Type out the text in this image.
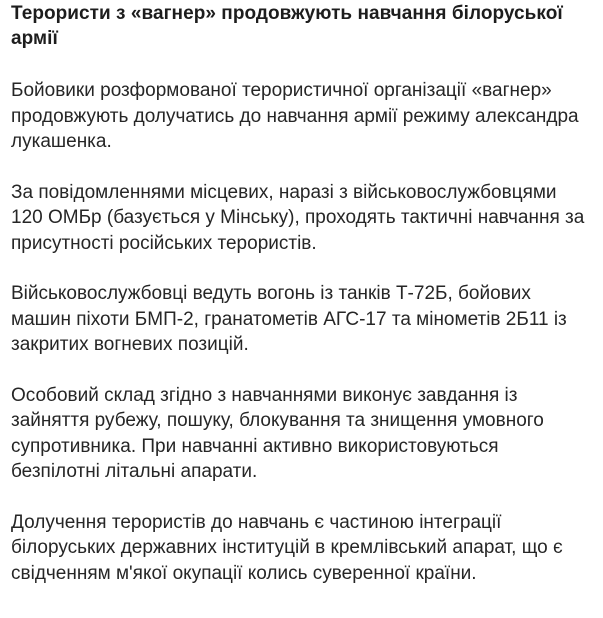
Терористи з «вагнер» продовжують навчання білоруської армії

Бойовики розформованої терористичної організації «вагнер» продовжують долучатись до навчання армії режиму александра лукашенка.

За повідомленнями місцевих, наразі з військовослужбовцями 120 ОМБр (базується у Мінську), проходять тактичні навчання за присутності російських терористів.

Військовослужбовці ведуть вогонь із танків Т-72Б, бойових машин піхоти БМП-2, гранатометів АГС-17 та мінометів 2Б11 із закритих вогневих позицій.

Особовий склад згідно з навчаннями виконує завдання із зайняття рубежу, пошуку, блокування та знищення умовного супротивника. При навчанні активно використовуються безпілотні літальні апарати.

Долучення терористів до навчань є частиною інтеграції білоруських державних інституцій в кремлівський апарат, що є свідченням м'якої окупації колись суверенної країни.
